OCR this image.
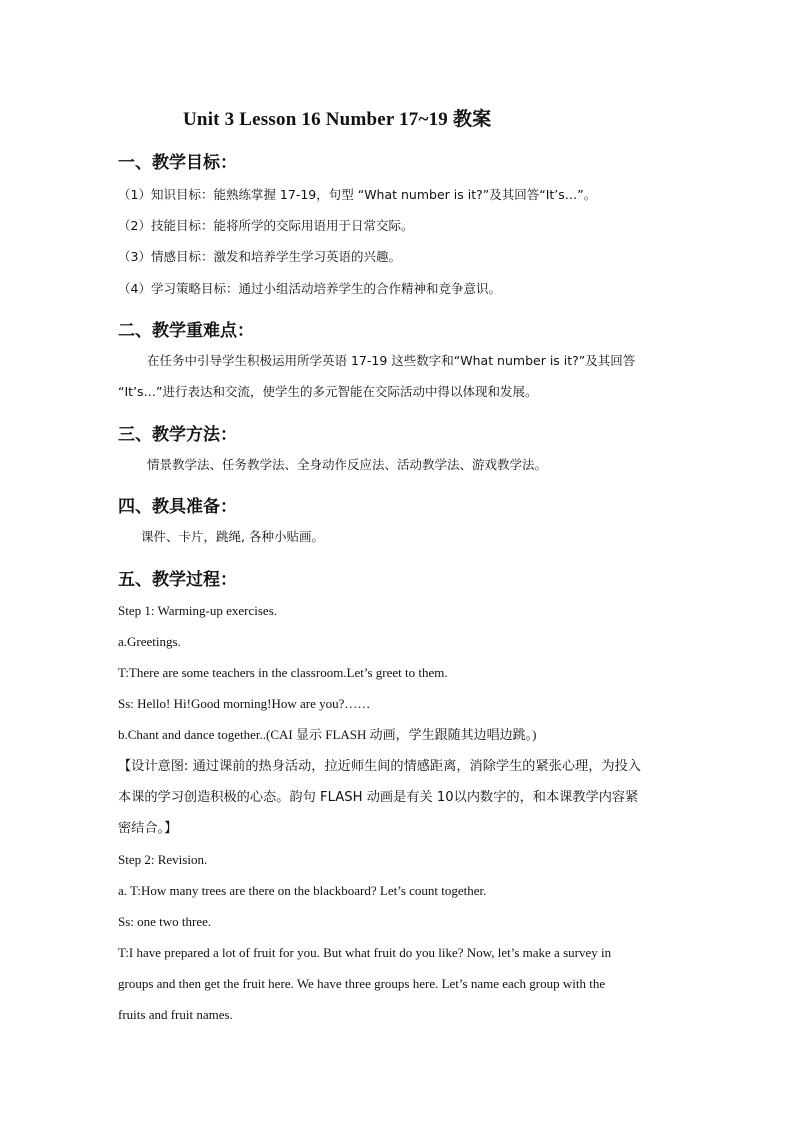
Unit 3 Lesson 16 Number 17~19 教案
一、教学目标：
（1）知识目标：能熟练掌握 17-19，句型 “What number is it?”及其回答“It’s…”。
（2）技能目标：能将所学的交际用语用于日常交际。
（3）情感目标：激发和培养学生学习英语的兴趣。
（4）学习策略目标：通过小组活动培养学生的合作精神和竞争意识。
二、教学重难点：
在任务中引导学生积极运用所学英语 17-19 这些数字和“What number is it?”及其回答
“It’s…”进行表达和交流，使学生的多元智能在交际活动中得以体现和发展。
三、教学方法：
情景教学法、任务教学法、全身动作反应法、活动教学法、游戏教学法。
四、教具准备：
课件、卡片，跳绳, 各种小贴画。
五、教学过程：
Step 1: Warming-up exercises.
a.Greetings.
T:There are some teachers in the classroom.Let’s greet to them.
Ss: Hello! Hi!Good morning!How are you?……
b.Chant and dance together..(CAI 显示 FLASH 动画，学生跟随其边唱边跳。)
【设计意图: 通过课前的热身活动，拉近师生间的情感距离，消除学生的紧张心理，为投入
本课的学习创造积极的心态。韵句 FLASH 动画是有关 10以内数字的，和本课教学内容紧
密结合。】
Step 2: Revision.
a. T:How many trees are there on the blackboard? Let’s count together.
Ss: one two three.
T:I have prepared a lot of fruit for you. But what fruit do you like? Now, let’s make a survey in
groups and then get the fruit here. We have three groups here. Let’s name each group with the
fruits and fruit names.
